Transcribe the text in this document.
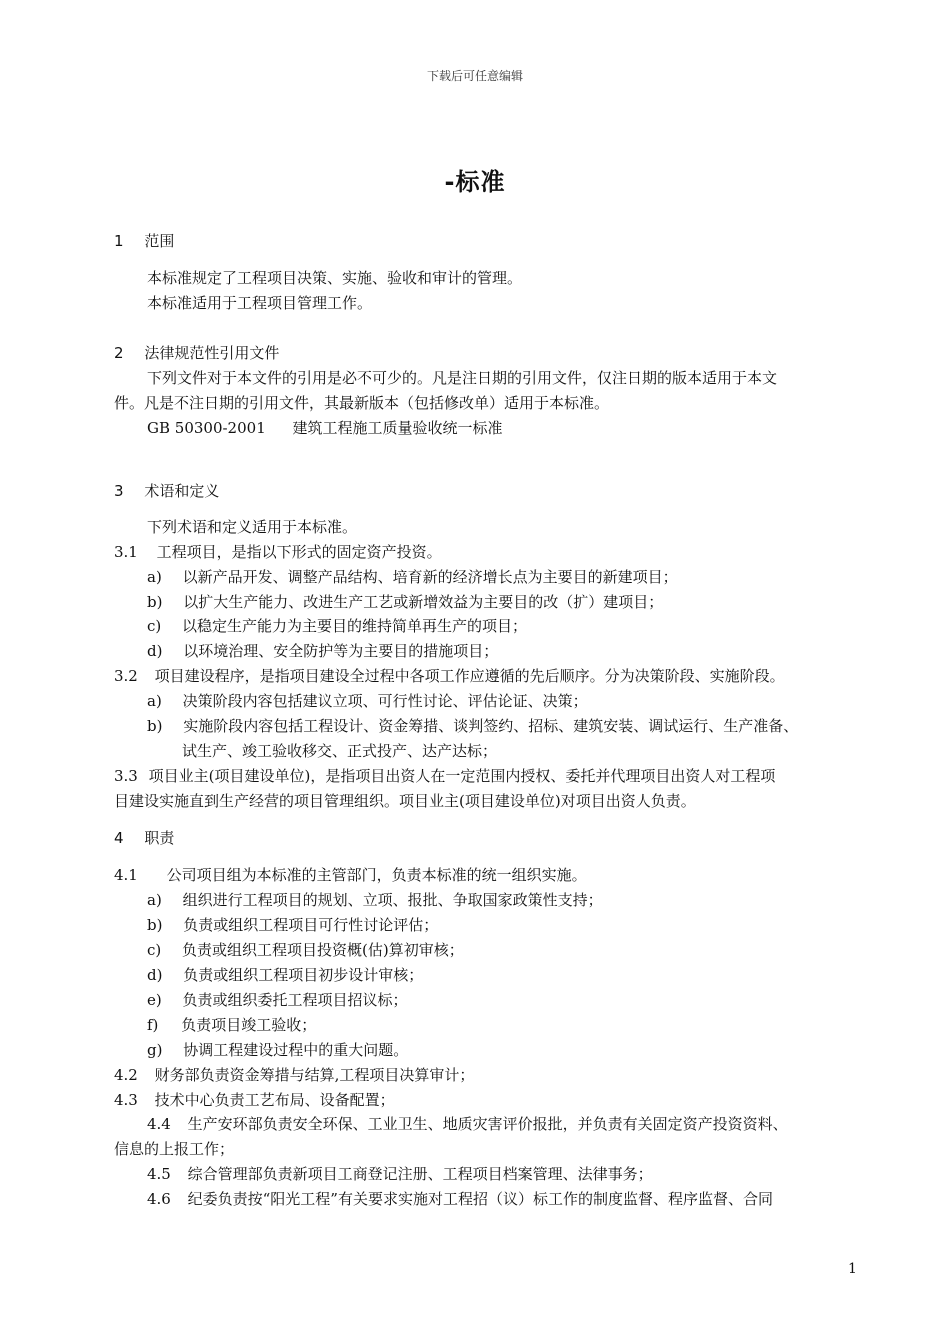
下载后可任意编辑
-标准
1 范围
本标准规定了工程项目决策、实施、验收和审计的管理。
本标准适用于工程项目管理工作。
2 法律规范性引用文件
下列文件对于本文件的引用是必不可少的。凡是注日期的引用文件，仅注日期的版本适用于本文
件。凡是不注日期的引用文件，其最新版本（包括修改单）适用于本标准。
GB 50300-2001 建筑工程施工质量验收统一标准
3 术语和定义
下列术语和定义适用于本标准。
3.1 工程项目，是指以下形式的固定资产投资。
a) 以新产品开发、调整产品结构、培育新的经济增长点为主要目的新建项目；
b) 以扩大生产能力、改进生产工艺或新增效益为主要目的改（扩）建项目；
c) 以稳定生产能力为主要目的维持简单再生产的项目；
d) 以环境治理、安全防护等为主要目的措施项目；
3.2 项目建设程序，是指项目建设全过程中各项工作应遵循的先后顺序。分为决策阶段、实施阶段。
a) 决策阶段内容包括建议立项、可行性讨论、评估论证、决策；
b) 实施阶段内容包括工程设计、资金筹措、谈判签约、招标、建筑安装、调试运行、生产准备、
试生产、竣工验收移交、正式投产、达产达标；
3.3 项目业主(项目建设单位)，是指项目出资人在一定范围内授权、委托并代理项目出资人对工程项
目建设实施直到生产经营的项目管理组织。项目业主(项目建设单位)对项目出资人负责。
4 职责
4.1 公司项目组为本标准的主管部门，负责本标准的统一组织实施。
a) 组织进行工程项目的规划、立项、报批、争取国家政策性支持；
b) 负责或组织工程项目可行性讨论评估；
c) 负责或组织工程项目投资概(估)算初审核；
d) 负责或组织工程项目初步设计审核；
e) 负责或组织委托工程项目招议标；
f) 负责项目竣工验收；
g) 协调工程建设过程中的重大问题。
4.2 财务部负责资金筹措与结算,工程项目决算审计；
4.3 技术中心负责工艺布局、设备配置；
4.4 生产安环部负责安全环保、工业卫生、地质灾害评价报批，并负责有关固定资产投资资料、
信息的上报工作；
4.5 综合管理部负责新项目工商登记注册、工程项目档案管理、法律事务；
4.6 纪委负责按“阳光工程”有关要求实施对工程招（议）标工作的制度监督、程序监督、合同
1
